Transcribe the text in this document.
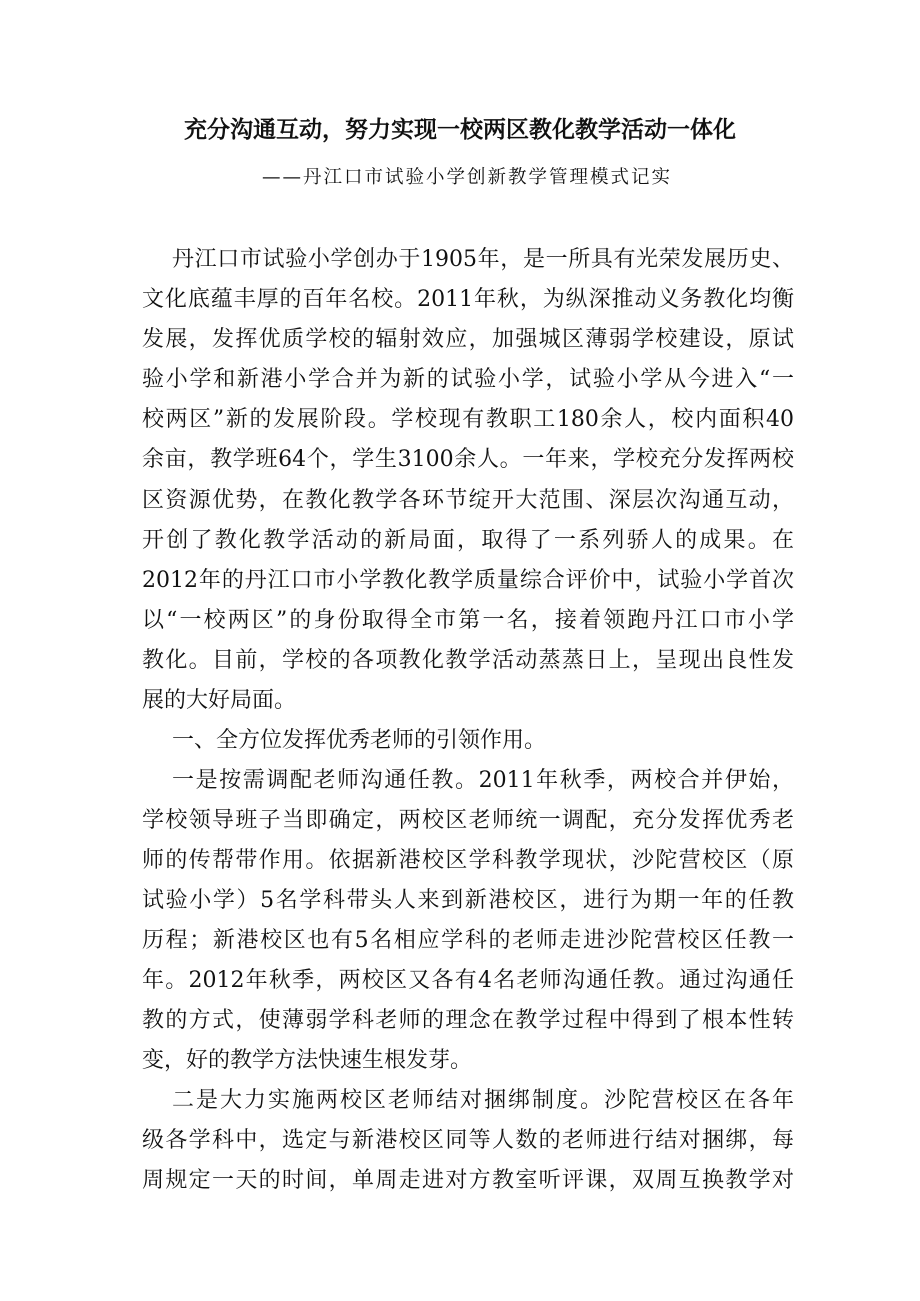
充分沟通互动，努力实现一校两区教化教学活动一体化
——丹江口市试验小学创新教学管理模式记实
丹江口市试验小学创办于1905年，是一所具有光荣发展历史、
文化底蕴丰厚的百年名校。2011年秋，为纵深推动义务教化均衡
发展，发挥优质学校的辐射效应，加强城区薄弱学校建设，原试
验小学和新港小学合并为新的试验小学，试验小学从今进入“一
校两区”新的发展阶段。学校现有教职工180余人，校内面积40
余亩，教学班64个，学生3100余人。一年来，学校充分发挥两校
区资源优势，在教化教学各环节绽开大范围、深层次沟通互动，
开创了教化教学活动的新局面，取得了一系列骄人的成果。在
2012年的丹江口市小学教化教学质量综合评价中，试验小学首次
以“一校两区”的身份取得全市第一名，接着领跑丹江口市小学
教化。目前，学校的各项教化教学活动蒸蒸日上，呈现出良性发
展的大好局面。
一、全方位发挥优秀老师的引领作用。
一是按需调配老师沟通任教。2011年秋季，两校合并伊始，
学校领导班子当即确定，两校区老师统一调配，充分发挥优秀老
师的传帮带作用。依据新港校区学科教学现状，沙陀营校区（原
试验小学）5名学科带头人来到新港校区，进行为期一年的任教
历程；新港校区也有5名相应学科的老师走进沙陀营校区任教一
年。2012年秋季，两校区又各有4名老师沟通任教。通过沟通任
教的方式，使薄弱学科老师的理念在教学过程中得到了根本性转
变，好的教学方法快速生根发芽。
二是大力实施两校区老师结对捆绑制度。沙陀营校区在各年
级各学科中，选定与新港校区同等人数的老师进行结对捆绑，每
周规定一天的时间，单周走进对方教室听评课，双周互换教学对
